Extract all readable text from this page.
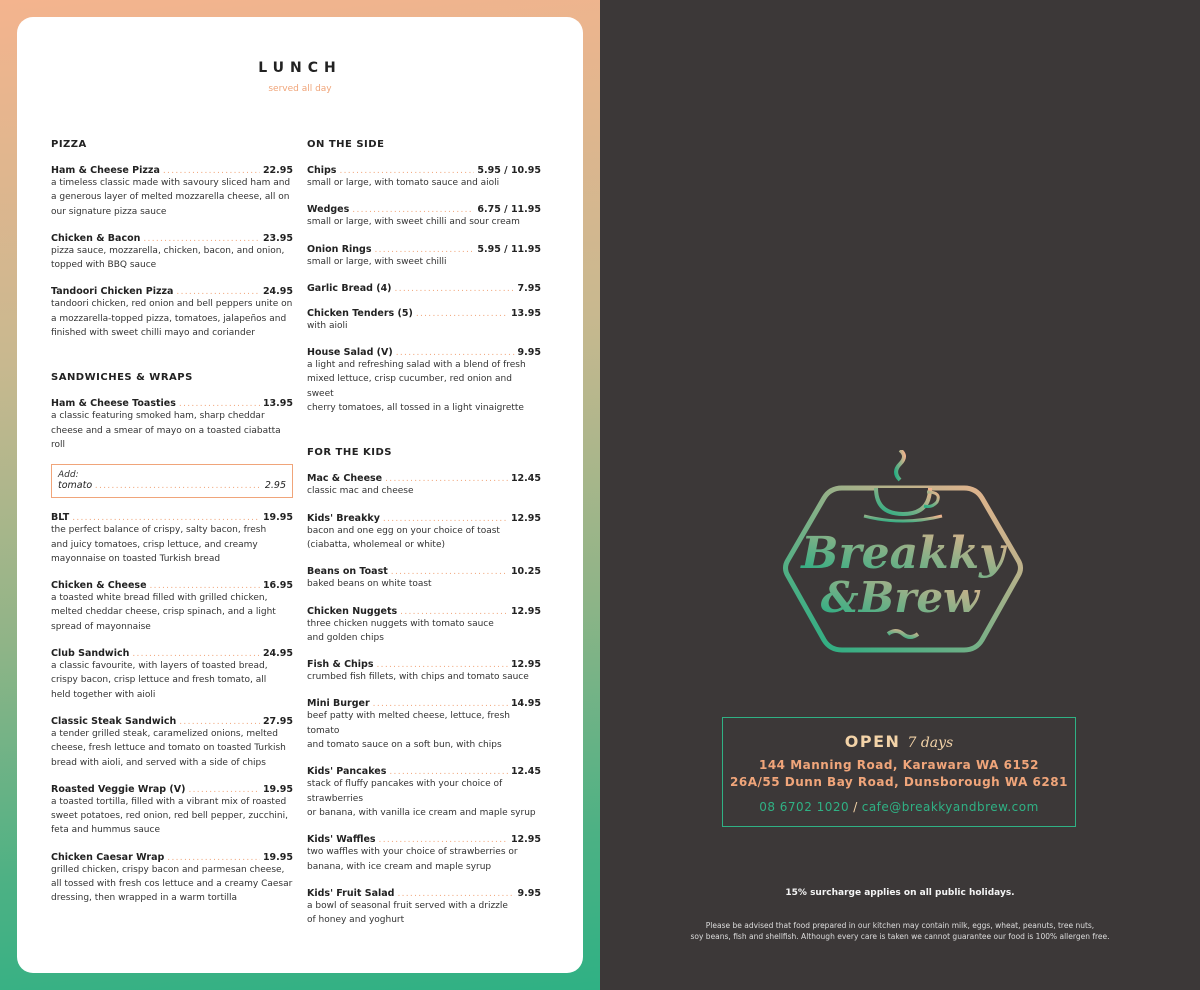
LUNCH
served all day
PIZZA
Ham & Cheese Pizza .....	22.95
a timeless classic made with savoury sliced ham and
a generous layer of melted mozzarella cheese, all on
our signature pizza sauce
Chicken & Bacon .....	23.95
pizza sauce, mozzarella, chicken, bacon, and onion,
topped with BBQ sauce
Tandoori Chicken Pizza .....	24.95
tandoori chicken, red onion and bell peppers unite on
a mozzarella-topped pizza, tomatoes, jalapeños and
finished with sweet chilli mayo and coriander
SANDWICHES & WRAPS
Ham & Cheese Toasties .....	13.95
a classic featuring smoked ham, sharp cheddar
cheese and a smear of mayo on a toasted ciabatta roll
Add:
tomato .....	2.95
BLT .....	19.95
the perfect balance of crispy, salty bacon, fresh
and juicy tomatoes, crisp lettuce, and creamy
mayonnaise on toasted Turkish bread
Chicken & Cheese .....	16.95
a toasted white bread filled with grilled chicken,
melted cheddar cheese, crisp spinach, and a light
spread of mayonnaise
Club Sandwich .....	24.95
a classic favourite, with layers of toasted bread,
crispy bacon, crisp lettuce and fresh tomato, all
held together with aioli
Classic Steak Sandwich .....	27.95
a tender grilled steak, caramelized onions, melted
cheese, fresh lettuce and tomato on toasted Turkish
bread with aioli, and served with a side of chips
Roasted Veggie Wrap (V) .....	19.95
a toasted tortilla, filled with a vibrant mix of roasted
sweet potatoes, red onion, red bell pepper, zucchini,
feta and hummus sauce
Chicken Caesar Wrap .....	19.95
grilled chicken, crispy bacon and parmesan cheese,
all tossed with fresh cos lettuce and a creamy Caesar
dressing, then wrapped in a warm tortilla
ON THE SIDE
Chips .....	5.95 / 10.95
small or large, with tomato sauce and aioli
Wedges .....	6.75 / 11.95
small or large, with sweet chilli and sour cream
Onion Rings .....	5.95 / 11.95
small or large, with sweet chilli
Garlic Bread (4) .....	7.95
Chicken Tenders (5) .....	13.95
with aioli
House Salad (V) .....	9.95
a light and refreshing salad with a blend of fresh
mixed lettuce, crisp cucumber, red onion and sweet
cherry tomatoes, all tossed in a light vinaigrette
FOR THE KIDS
Mac & Cheese .....	12.45
classic mac and cheese
Kids' Breakky .....	12.95
bacon and one egg on your choice of toast
(ciabatta, wholemeal or white)
Beans on Toast .....	10.25
baked beans on white toast
Chicken Nuggets .....	12.95
three chicken nuggets with tomato sauce
and golden chips
Fish & Chips .....	12.95
crumbed fish fillets, with chips and tomato sauce
Mini Burger .....	14.95
beef patty with melted cheese, lettuce, fresh tomato
and tomato sauce on a soft bun, with chips
Kids' Pancakes .....	12.45
stack of fluffy pancakes with your choice of strawberries
or banana, with vanilla ice cream and maple syrup
Kids' Waffles .....	12.95
two waffles with your choice of strawberries or
banana, with ice cream and maple syrup
Kids' Fruit Salad .....	9.95
a bowl of seasonal fruit served with a drizzle
of honey and yoghurt
Breakky
&Brew
OPEN 7 days
144 Manning Road, Karawara WA 6152
26A/55 Dunn Bay Road, Dunsborough WA 6281
08 6702 1020 / cafe@breakkyandbrew.com
15% surcharge applies on all public holidays.
Please be advised that food prepared in our kitchen may contain milk, eggs, wheat, peanuts, tree nuts,
soy beans, fish and shellfish. Although every care is taken we cannot guarantee our food is 100% allergen free.
